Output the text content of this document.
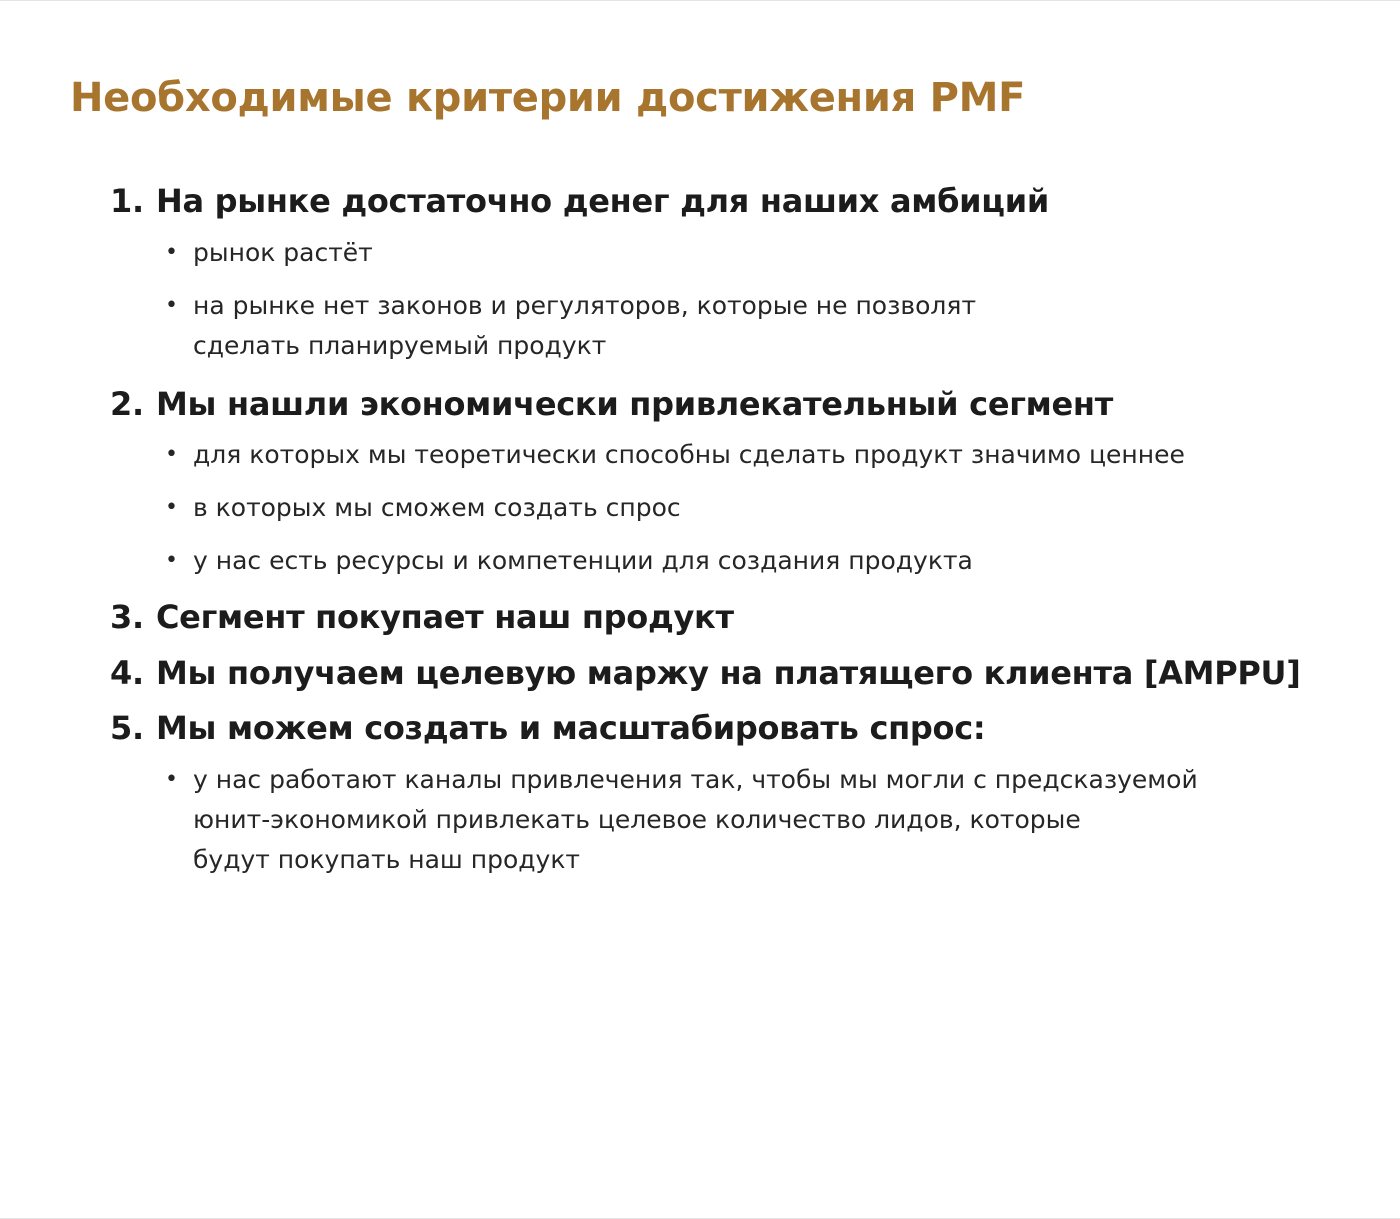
Необходимые критерии достижения PMF
1. На рынке достаточно денег для наших амбиций
• рынок растёт
• на рынке нет законов и регуляторов, которые не позволят
сделать планируемый продукт
2. Мы нашли экономически привлекательный сегмент
• для которых мы теоретически способны сделать продукт значимо ценнее
• в которых мы сможем создать спрос
• у нас есть ресурсы и компетенции для создания продукта
3. Сегмент покупает наш продукт
4. Мы получаем целевую маржу на платящего клиента [AMPPU]
5. Мы можем создать и масштабировать спрос:
• у нас работают каналы привлечения так, чтобы мы могли с предсказуемой
юнит-экономикой привлекать целевое количество лидов, которые
будут покупать наш продукт
